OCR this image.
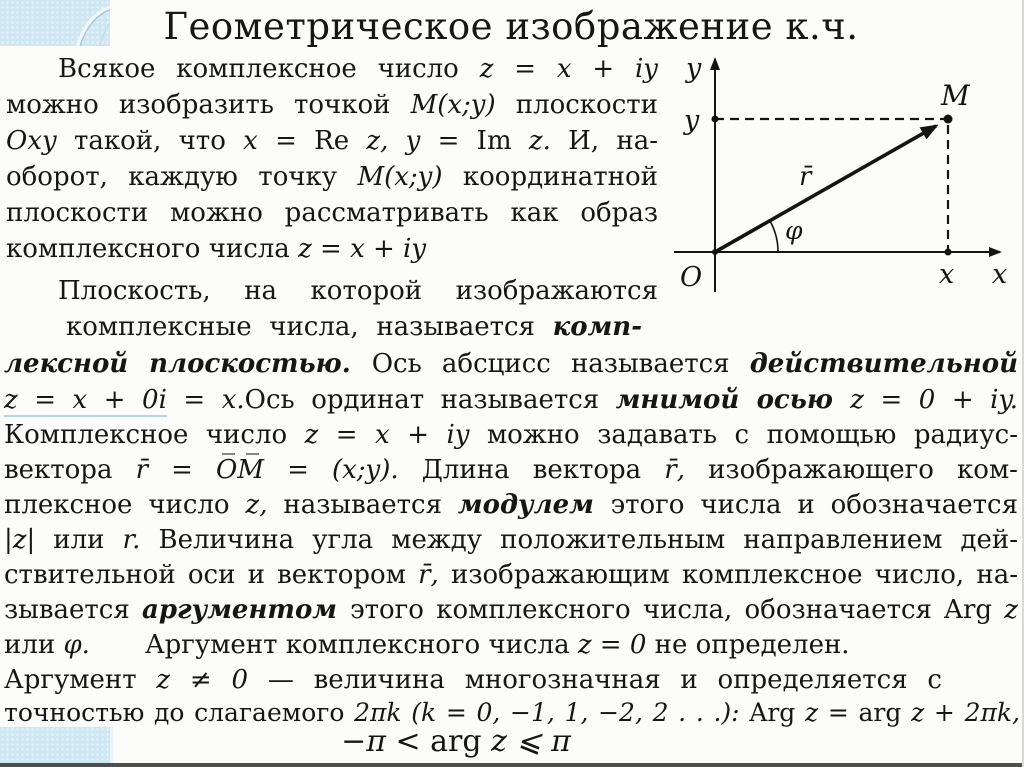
Геометрическое изображение к.ч.
y
y
M
r̄
φ
O	x x
Всякое комплексное число z = x + iy
можно изобразить точкой M(x;y) плоскости
Oxy такой, что x = Re z, y = Im z. И, на-
оборот, каждую точку M(x;y) координатной
плоскости можно рассматривать как образ
комплексного числа z = x + iy
Плоскость, на которой изображаются
комплексные числа, называется комп-
лексной плоскостью. Ось абсцисс называется действительной
z = x + 0i = x.Ось ординат называется мнимой осью z = 0 + iy.
Комплексное число z = x + iy можно задавать с помощью радиус-
вектора r̄ = O̅M̅ = (x;y). Длина вектора r̄, изображающего ком-
плексное число z, называется модулем этого числа и обозначается
|z| или r. Величина угла между положительным направлением дей-
ствительной оси и вектором r̄, изображающим комплексное число, на-
зывается аргументом этого комплексного числа, обозначается Arg z
или φ. Аргумент комплексного числа z = 0 не определен.
Аргумент z ≠ 0 — величина многозначная и определяется с
точностью до слагаемого 2πk (k = 0, −1, 1, −2, 2 . . .): Arg z = arg z + 2πk,
−π < arg z ⩽ π
